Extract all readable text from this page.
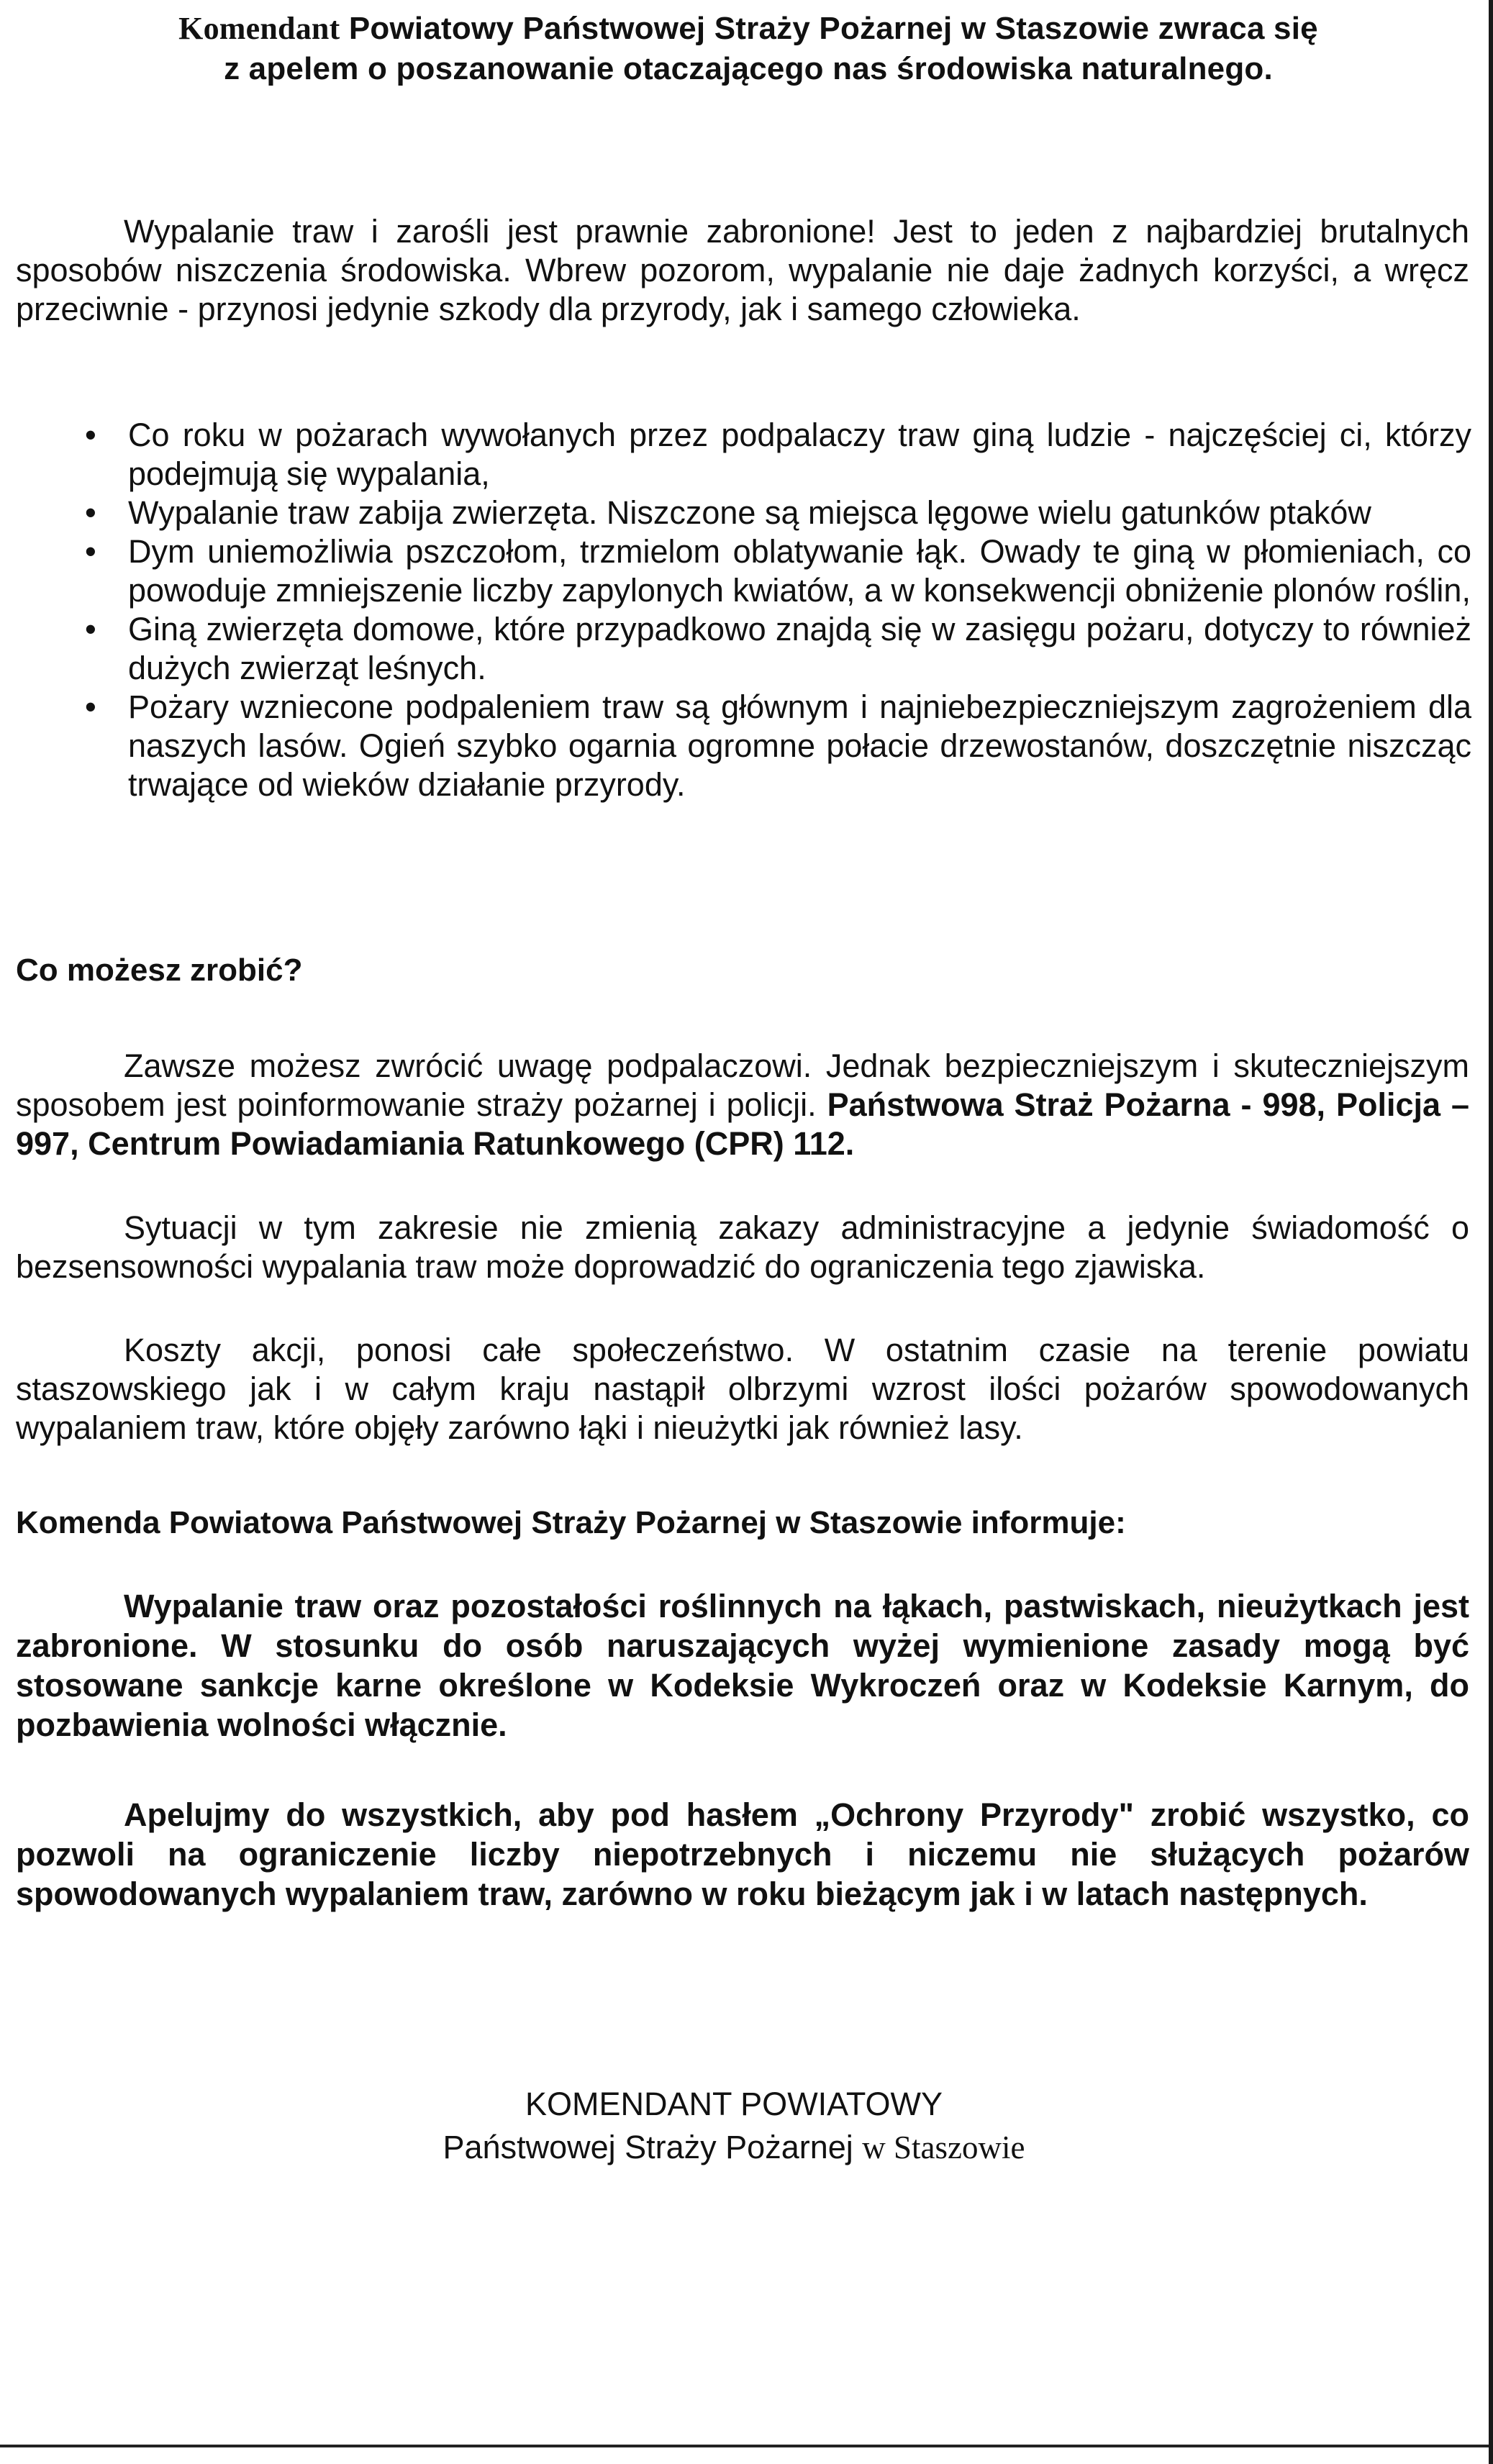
Komendant Powiatowy Państwowej Straży Pożarnej w Staszowie zwraca się
z apelem o poszanowanie otaczającego nas środowiska naturalnego.

Wypalanie traw i zarośli jest prawnie zabronione! Jest to jeden z najbardziej brutalnych sposobów niszczenia środowiska. Wbrew pozorom, wypalanie nie daje żadnych korzyści, a wręcz przeciwnie - przynosi jedynie szkody dla przyrody, jak i samego człowieka.

• Co roku w pożarach wywołanych przez podpalaczy traw giną ludzie - najczęściej ci, którzy podejmują się wypalania,
• Wypalanie traw zabija zwierzęta. Niszczone są miejsca lęgowe wielu gatunków ptaków
• Dym uniemożliwia pszczołom, trzmielom oblatywanie łąk. Owady te giną w płomieniach, co powoduje zmniejszenie liczby zapylonych kwiatów, a w konsekwencji obniżenie plonów roślin,
• Giną zwierzęta domowe, które przypadkowo znajdą się w zasięgu pożaru, dotyczy to również dużych zwierząt leśnych.
• Pożary wzniecone podpaleniem traw są głównym i najniebezpieczniejszym zagrożeniem dla naszych lasów. Ogień szybko ogarnia ogromne połacie drzewostanów, doszczętnie niszcząc trwające od wieków działanie przyrody.
Co możesz zrobić?

Zawsze możesz zwrócić uwagę podpalaczowi. Jednak bezpieczniejszym i skuteczniejszym sposobem jest poinformowanie straży pożarnej i policji. Państwowa Straż Pożarna - 998, Policja – 997, Centrum Powiadamiania Ratunkowego (CPR) 112.

Sytuacji w tym zakresie nie zmienią zakazy administracyjne a jedynie świadomość o bezsensowności wypalania traw może doprowadzić do ograniczenia tego zjawiska.

Koszty akcji, ponosi całe społeczeństwo. W ostatnim czasie na terenie powiatu staszowskiego jak i w całym kraju nastąpił olbrzymi wzrost ilości pożarów spowodowanych wypalaniem traw, które objęły zarówno łąki i nieużytki jak również lasy.

Komenda Powiatowa Państwowej Straży Pożarnej w Staszowie informuje:

Wypalanie traw oraz pozostałości roślinnych na łąkach, pastwiskach, nieużytkach jest zabronione. W stosunku do osób naruszających wyżej wymienione zasady mogą być stosowane sankcje karne określone w Kodeksie Wykroczeń oraz w Kodeksie Karnym, do pozbawienia wolności włącznie.

Apelujmy do wszystkich, aby pod hasłem „Ochrony Przyrody" zrobić wszystko, co pozwoli na ograniczenie liczby niepotrzebnych i niczemu nie służących pożarów spowodowanych wypalaniem traw, zarówno w roku bieżącym jak i w latach następnych.

KOMENDANT POWIATOWY
Państwowej Straży Pożarnej w Staszowie
